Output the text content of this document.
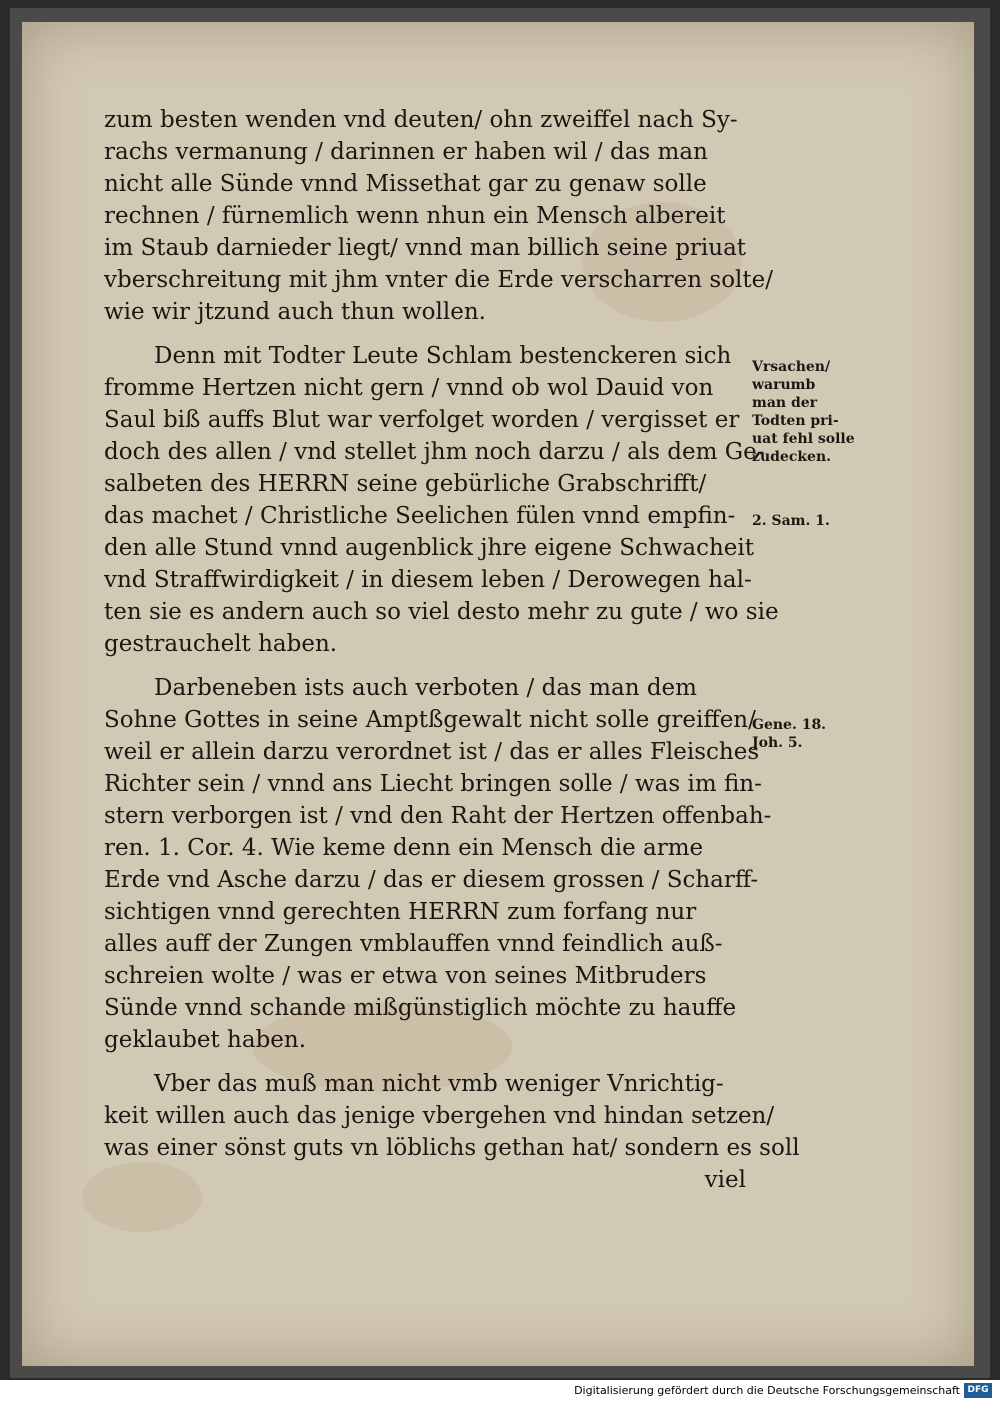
zum besten wenden vnd deuten/ ohn zweiffel nach Sy-
rachs vermanung / darinnen er haben wil / das man
nicht alle Sünde vnnd Missethat gar zu genaw solle
rechnen / fürnemlich wenn nhun ein Mensch albereit
im Staub darnieder liegt/ vnnd man billich seine priuat
vberschreitung mit jhm vnter die Erde verscharren solte/
wie wir jtzund auch thun wollen.
Denn mit Todter Leute Schlam bestenckeren sich
fromme Hertzen nicht gern / vnnd ob wol Dauid von
Saul biß auffs Blut war verfolget worden / vergisset er
doch des allen / vnd stellet jhm noch darzu / als dem Ge-
salbeten des HERRN seine gebürliche Grabschrifft/
das machet / Christliche Seelichen fülen vnnd empfin-
den alle Stund vnnd augenblick jhre eigene Schwacheit
vnd Straffwirdigkeit / in diesem leben / Derowegen hal-
ten sie es andern auch so viel desto mehr zu gute / wo sie
gestrauchelt haben.
Darbeneben ists auch verboten / das man dem
Sohne Gottes in seine Amptßgewalt nicht solle greiffen/
weil er allein darzu verordnet ist / das er alles Fleisches
Richter sein / vnnd ans Liecht bringen solle / was im fin-
stern verborgen ist / vnd den Raht der Hertzen offenbah-
ren. 1. Cor. 4. Wie keme denn ein Mensch die arme
Erde vnd Asche darzu / das er diesem grossen / Scharff-
sichtigen vnnd gerechten HERRN zum forfang nur
alles auff der Zungen vmblauffen vnnd feindlich auß-
schreien wolte / was er etwa von seines Mitbruders
Sünde vnnd schande mißgünstiglich möchte zu hauffe
geklaubet haben.
Vber das muß man nicht vmb weniger Vnrichtig-
keit willen auch das jenige vbergehen vnd hindan setzen/
was einer sönst guts vn löblichs gethan hat/ sondern es soll
viel
Vrsachen/
warumb
man der
Todten pri-
uat fehl solle
zudecken.
2. Sam. 1.
Gene. 18.
Joh. 5.
Digitalisierung gefördert durch die Deutsche Forschungsgemeinschaft DFG
